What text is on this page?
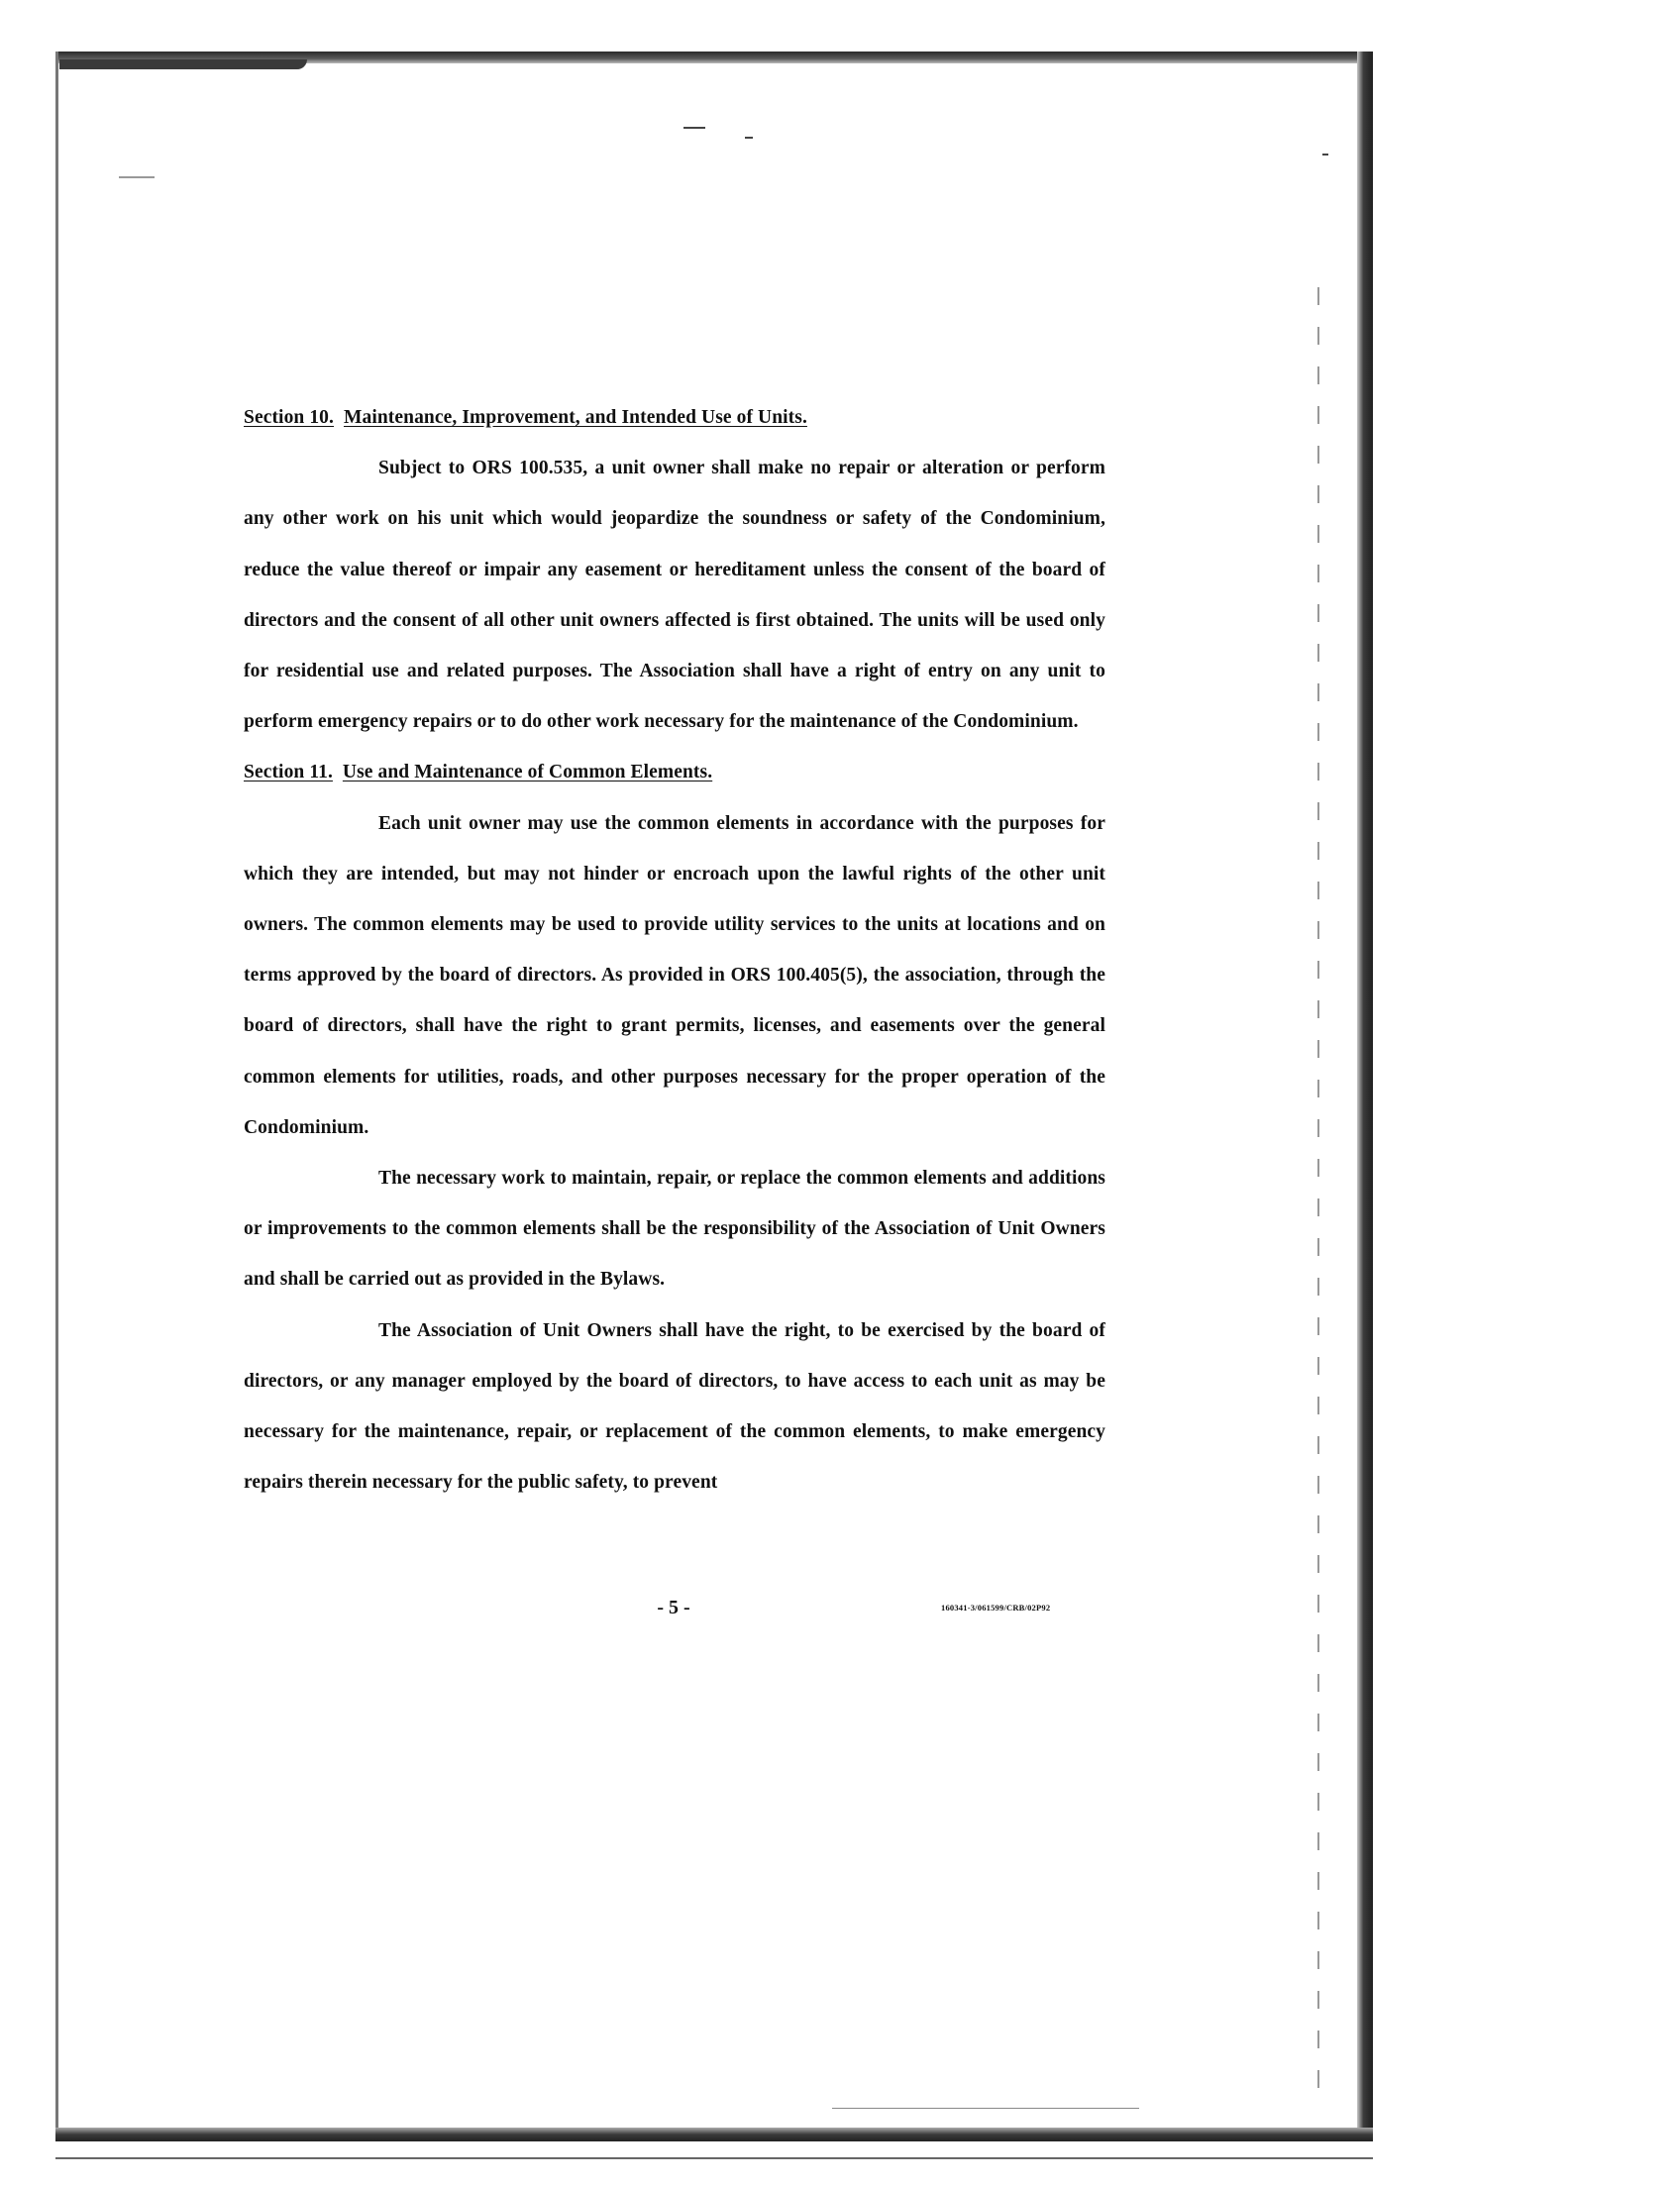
Section 10. Maintenance, Improvement, and Intended Use of Units.

Subject to ORS 100.535, a unit owner shall make no repair or alteration or perform any other work on his unit which would jeopardize the soundness or safety of the Condominium, reduce the value thereof or impair any easement or hereditament unless the consent of the board of directors and the consent of all other unit owners affected is first obtained. The units will be used only for residential use and related purposes. The Association shall have a right of entry on any unit to perform emergency repairs or to do other work necessary for the maintenance of the Condominium.

Section 11. Use and Maintenance of Common Elements.

Each unit owner may use the common elements in accordance with the purposes for which they are intended, but may not hinder or encroach upon the lawful rights of the other unit owners. The common elements may be used to provide utility services to the units at locations and on terms approved by the board of directors. As provided in ORS 100.405(5), the association, through the board of directors, shall have the right to grant permits, licenses, and easements over the general common elements for utilities, roads, and other purposes necessary for the proper operation of the Condominium.

The necessary work to maintain, repair, or replace the common elements and additions or improvements to the common elements shall be the responsibility of the Association of Unit Owners and shall be carried out as provided in the Bylaws.

The Association of Unit Owners shall have the right, to be exercised by the board of directors, or any manager employed by the board of directors, to have access to each unit as may be necessary for the maintenance, repair, or replacement of the common elements, to make emergency repairs therein necessary for the public safety, to prevent

- 5 -	160341-3/061599/CRB/02P92
